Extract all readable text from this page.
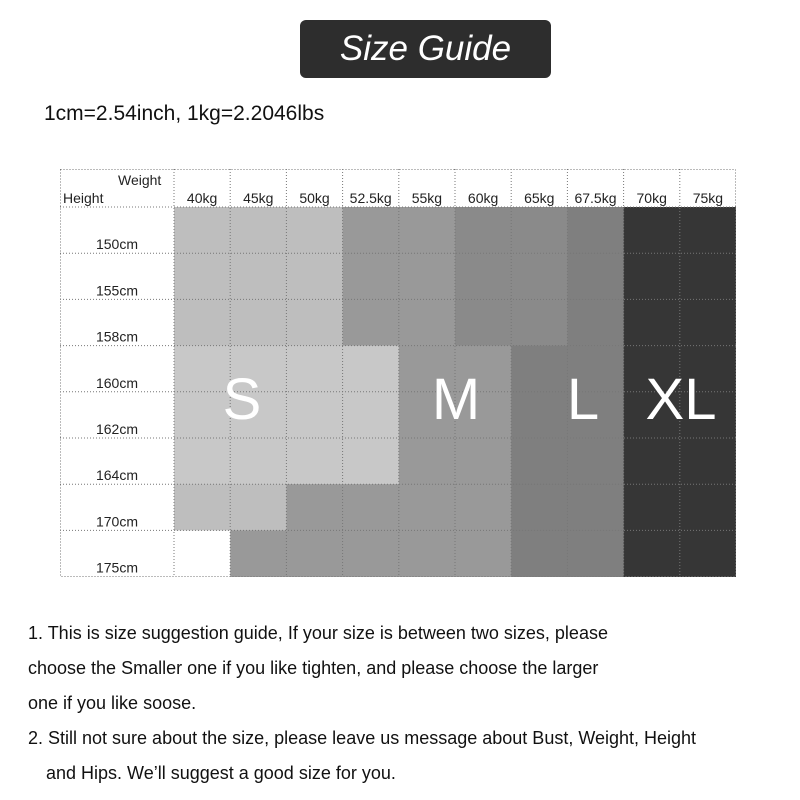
Size Guide
1cm=2.54inch, 1kg=2.2046lbs
Weight
Height	40kg 45kg 50kg 52.5kg 55kg 60kg 65kg 67.5kg 70kg 75kg
150cm
155cm
158cm
160cm
162cm
164cm
170cm
175cm
S	M L XL

1. This is size suggestion guide, If your size is between two sizes, please

choose the Smaller one if you like tighten, and please choose the larger

one if you like soose.

2. Still not sure about the size, please leave us message about Bust, Weight, Height

and Hips. We’ll suggest a good size for you.
